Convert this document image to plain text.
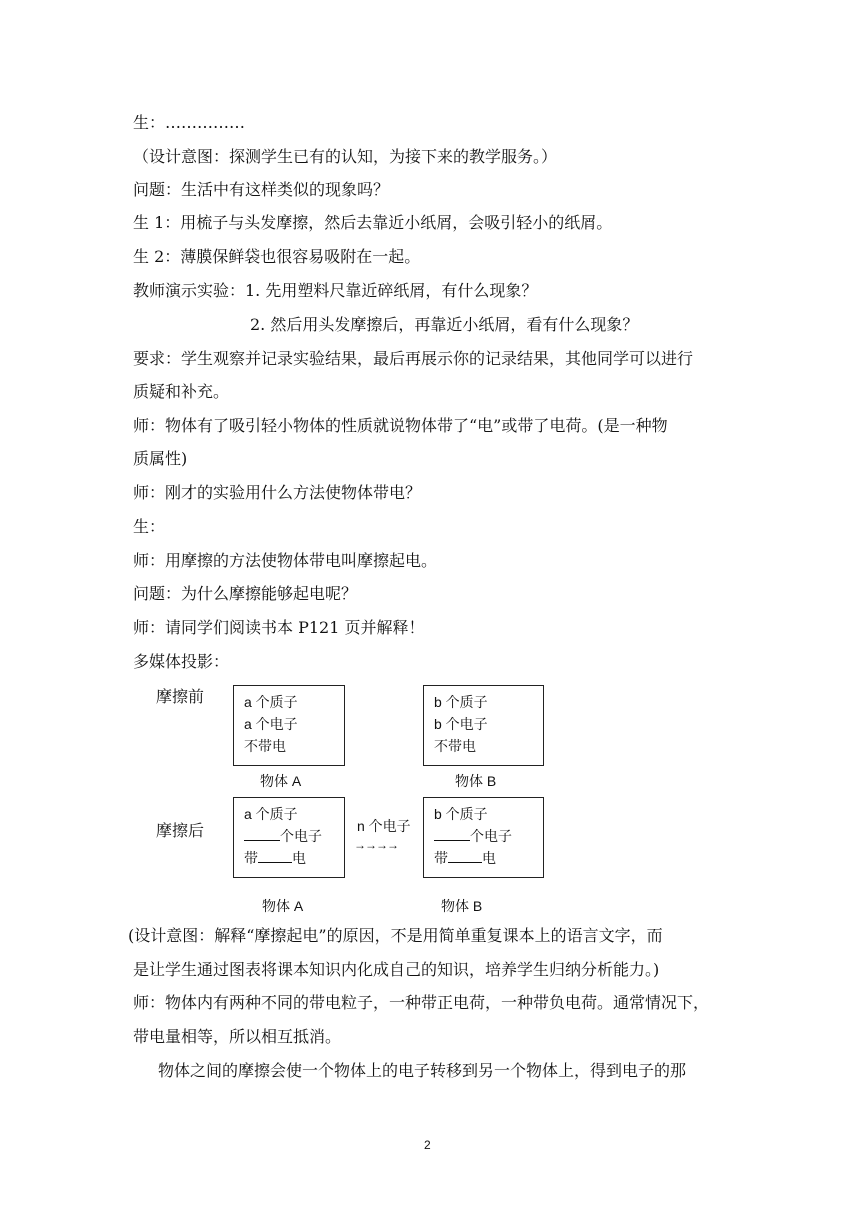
生：……………
（设计意图：探测学生已有的认知，为接下来的教学服务。）
问题：生活中有这样类似的现象吗？
生 1：用梳子与头发摩擦，然后去靠近小纸屑，会吸引轻小的纸屑。
生 2：薄膜保鲜袋也很容易吸附在一起。
教师演示实验：1. 先用塑料尺靠近碎纸屑，有什么现象？
2. 然后用头发摩擦后，再靠近小纸屑，看有什么现象？
要求：学生观察并记录实验结果，最后再展示你的记录结果，其他同学可以进行
质疑和补充。
师：物体有了吸引轻小物体的性质就说物体带了“电”或带了电荷。(是一种物
质属性)
师：刚才的实验用什么方法使物体带电？
生：
师：用摩擦的方法使物体带电叫摩擦起电。
问题：为什么摩擦能够起电呢？
师：请同学们阅读书本 P121 页并解释！
多媒体投影：
摩擦前	a 个质子
a 个电子
不带电
b 个质子
b 个电子
不带电
物体 A	物体 B
摩擦后
a 个质子
个电子
带 电
n 个电子
→→→→
b 个质子
个电子
带 电
物体 A	物体 B
(设计意图：解释“摩擦起电”的原因，不是用简单重复课本上的语言文字，而
是让学生通过图表将课本知识内化成自己的知识，培养学生归纳分析能力。)
师：物体内有两种不同的带电粒子，一种带正电荷，一种带负电荷。通常情况下，
带电量相等，所以相互抵消。
物体之间的摩擦会使一个物体上的电子转移到另一个物体上，得到电子的那
2
